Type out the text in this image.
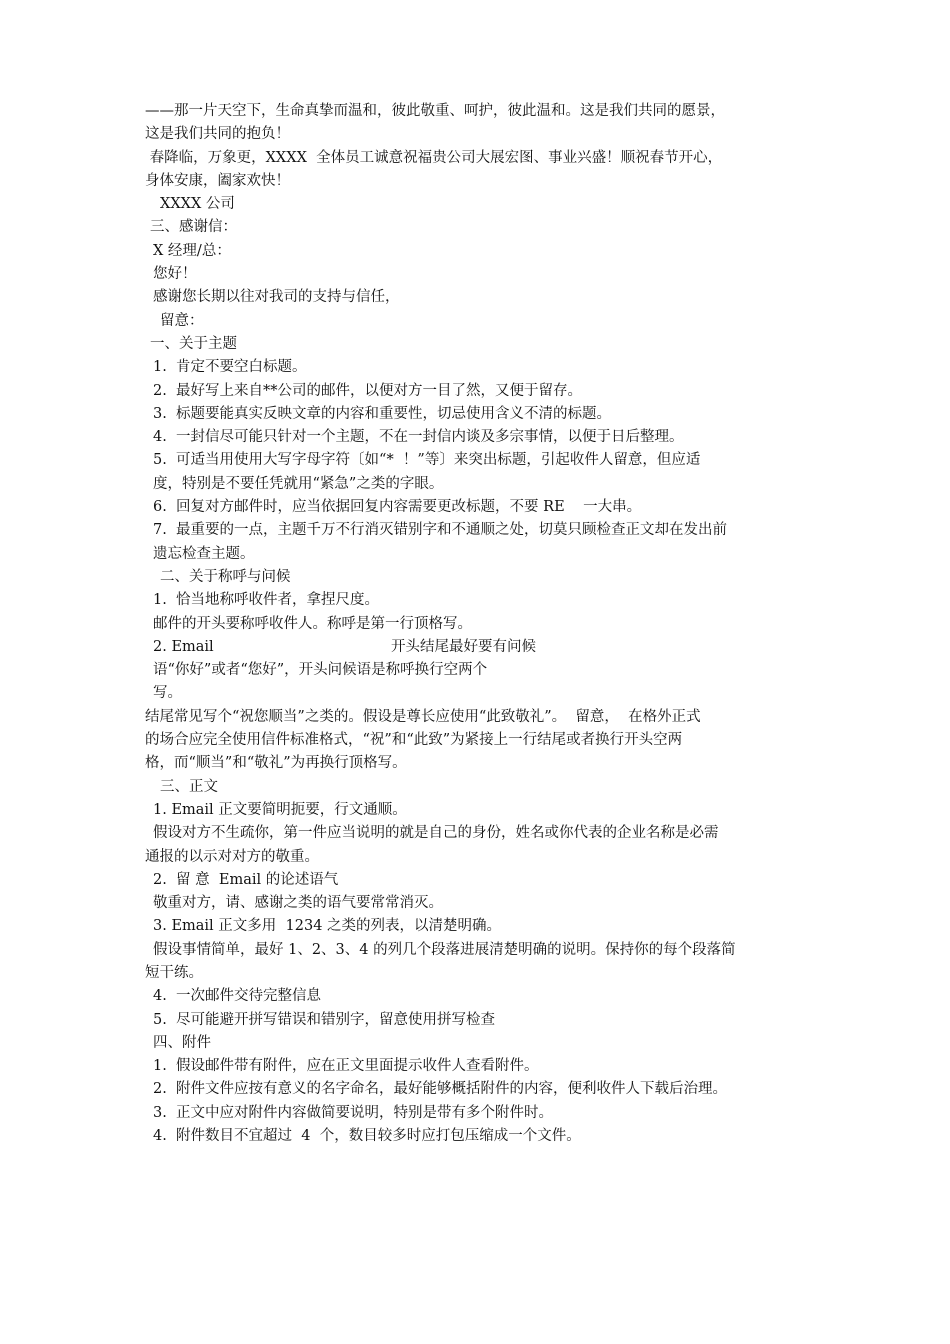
——那一片天空下，生命真挚而温和，彼此敬重、呵护，彼此温和。这是我们共同的愿景，
这是我们共同的抱负！
春降临，万象更，XXXX  全体员工诚意祝福贵公司大展宏图、事业兴盛！顺祝春节开心，
身体安康，阖家欢快！
XXXX 公司
三、感谢信：
X 经理/总：
您好！
感谢您长期以往对我司的支持与信任，
留意：
一、关于主题
1.  肯定不要空白标题。
2.  最好写上来自**公司的邮件，以便对方一目了然，又便于留存。
3.  标题要能真实反映文章的内容和重要性，切忌使用含义不清的标题。
4.  一封信尽可能只针对一个主题，不在一封信内谈及多宗事情，以便于日后整理。
5.  可适当用使用大写字母字符〔如“*  ！”等〕来突出标题，引起收件人留意，但应适
度，特别是不要任凭就用“紧急”之类的字眼。
6.  回复对方邮件时，应当依据回复内容需要更改标题，不要 RE    一大串。
7.  最重要的一点，主题千万不行消灭错别字和不通顺之处，切莫只顾检查正文却在发出前
遗忘检查主题。
二、关于称呼与问候
1.  恰当地称呼收件者，拿捏尺度。
邮件的开头要称呼收件人。称呼是第一行顶格写。
2. Email	开头结尾最好要有问候
语“你好”或者“您好”，开头问候语是称呼换行空两个
写。
结尾常见写个“祝您顺当”之类的。假设是尊长应使用“此致敬礼”。  留意，  在格外正式
的场合应完全使用信件标准格式，“祝”和“此致”为紧接上一行结尾或者换行开头空两
格，而“顺当”和“敬礼”为再换行顶格写。
三、正文
1. Email 正文要简明扼要，行文通顺。
假设对方不生疏你，第一件应当说明的就是自己的身份，姓名或你代表的企业名称是必需
通报的以示对对方的敬重。
2.  留 意  Email 的论述语气
敬重对方，请、感谢之类的语气要常常消灭。
3. Email 正文多用  1234 之类的列表，以清楚明确。
假设事情简单，最好 1、2、3、4 的列几个段落进展清楚明确的说明。保持你的每个段落简
短干练。
4.  一次邮件交待完整信息
5.  尽可能避开拼写错误和错别字，留意使用拼写检查
四、附件
1.  假设邮件带有附件，应在正文里面提示收件人查看附件。
2.  附件文件应按有意义的名字命名，最好能够概括附件的内容，便利收件人下载后治理。
3.  正文中应对附件内容做简要说明，特别是带有多个附件时。
4.  附件数目不宜超过  4  个，数目较多时应打包压缩成一个文件。
